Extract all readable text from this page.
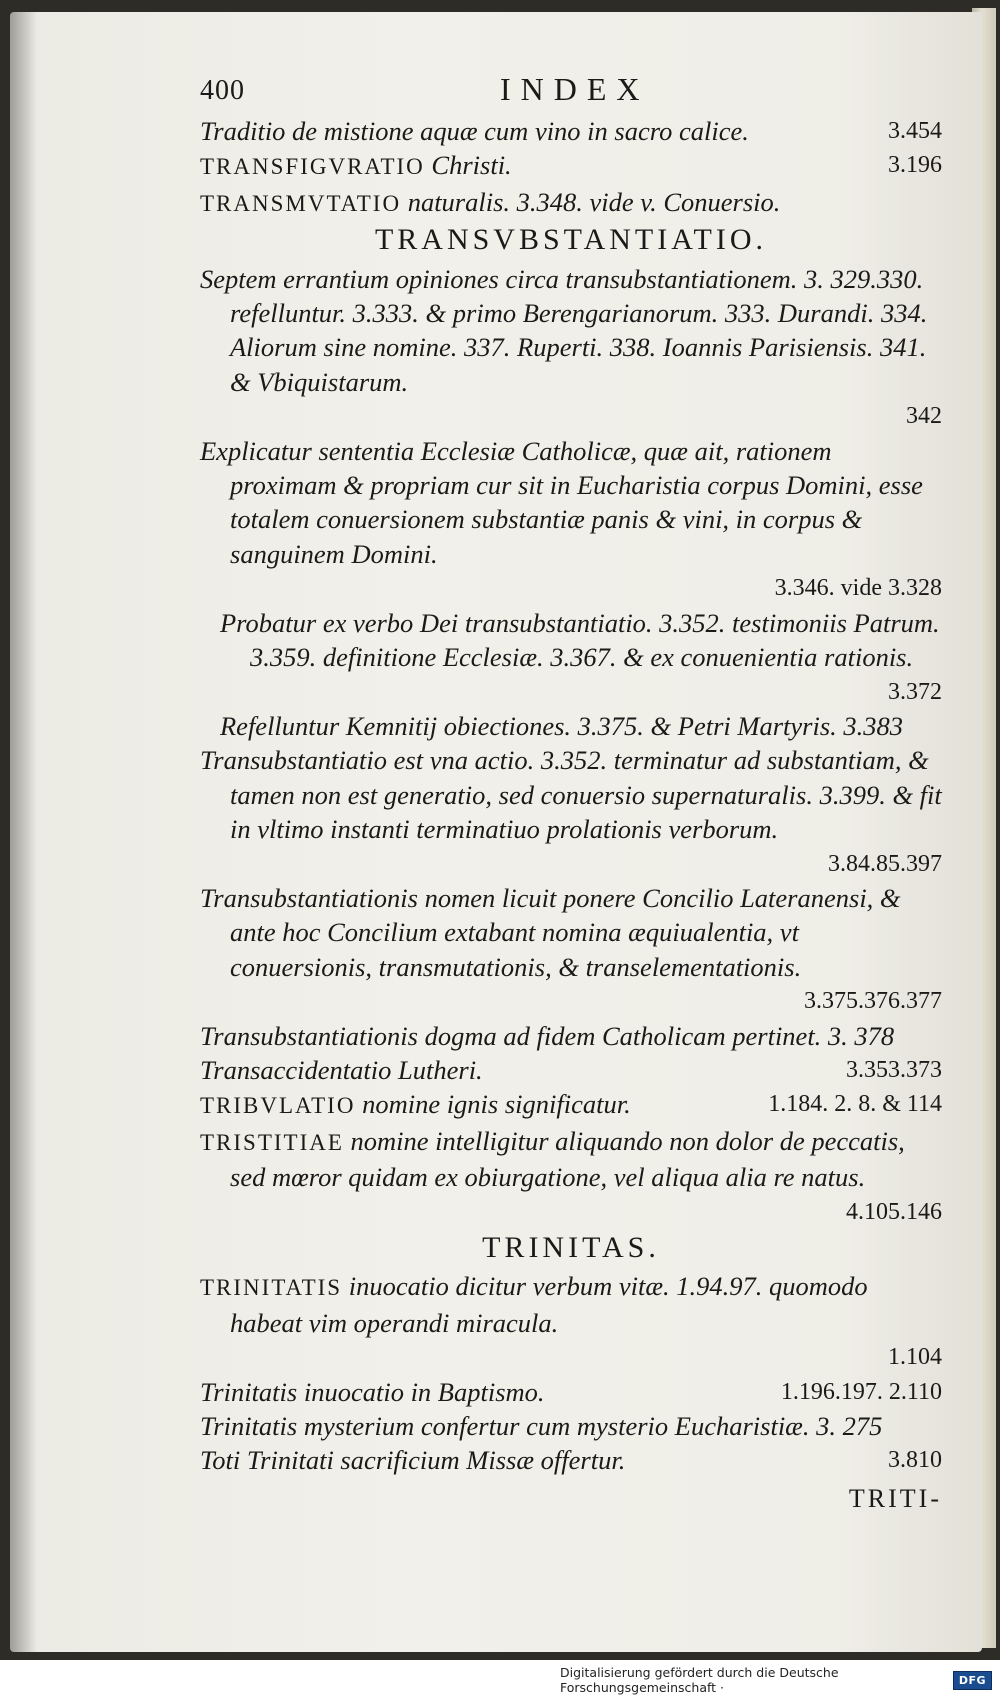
400	INDEX
Traditio de mistione aquæ cum vino in sacro calice.	3.454
TRANSFIGVRATIO Christi.	3.196
TRANSMVTATIO naturalis. 3.348. vide v. Conuersio.
TRANSVBSTANTIATIO.
Septem errantium opiniones circa transubstantiationem. 3. 329.330. refelluntur. 3.333. & primo Berengarianorum. 333. Durandi. 334. Aliorum sine nomine. 337. Ruperti. 338. Ioannis Parisiensis. 341. & Vbiquistarum.
342
Explicatur sententia Ecclesiæ Catholicæ, quæ ait, rationem proximam & propriam cur sit in Eucharistia corpus Domini, esse totalem conuersionem substantiæ panis & vini, in corpus & sanguinem Domini.
3.346. vide 3.328
Probatur ex verbo Dei transubstantiatio. 3.352. testimoniis Patrum. 3.359. definitione Ecclesiæ. 3.367. & ex conuenientia rationis.
3.372
Refelluntur Kemnitij obiectiones. 3.375. & Petri Martyris. 3.383
Transubstantiatio est vna actio. 3.352. terminatur ad substantiam, & tamen non est generatio, sed conuersio supernaturalis. 3.399. & fit in vltimo instanti terminatiuo prolationis verborum.
3.84.85.397
Transubstantiationis nomen licuit ponere Concilio Lateranensi, & ante hoc Concilium extabant nomina æquiualentia, vt conuersionis, transmutationis, & transelementationis.
3.375.376.377
Transubstantiationis dogma ad fidem Catholicam pertinet. 3. 378
Transaccidentatio Lutheri.	3.353.373
TRIBVLATIO nomine ignis significatur.	1.184. 2. 8. & 114
TRISTITIAE nomine intelligitur aliquando non dolor de peccatis, sed mœror quidam ex obiurgatione, vel aliqua alia re natus.
4.105.146
TRINITAS.
TRINITATIS inuocatio dicitur verbum vitæ. 1.94.97. quomodo habeat vim operandi miracula.
1.104
Trinitatis inuocatio in Baptismo.	1.196.197. 2.110
Trinitatis mysterium confertur cum mysterio Eucharistiæ. 3. 275
Toti Trinitati sacrificium Missæ offertur.	3.810
TRITI-
Digitalisierung gefördert durch die Deutsche Forschungsgemeinschaft ·	DFG
